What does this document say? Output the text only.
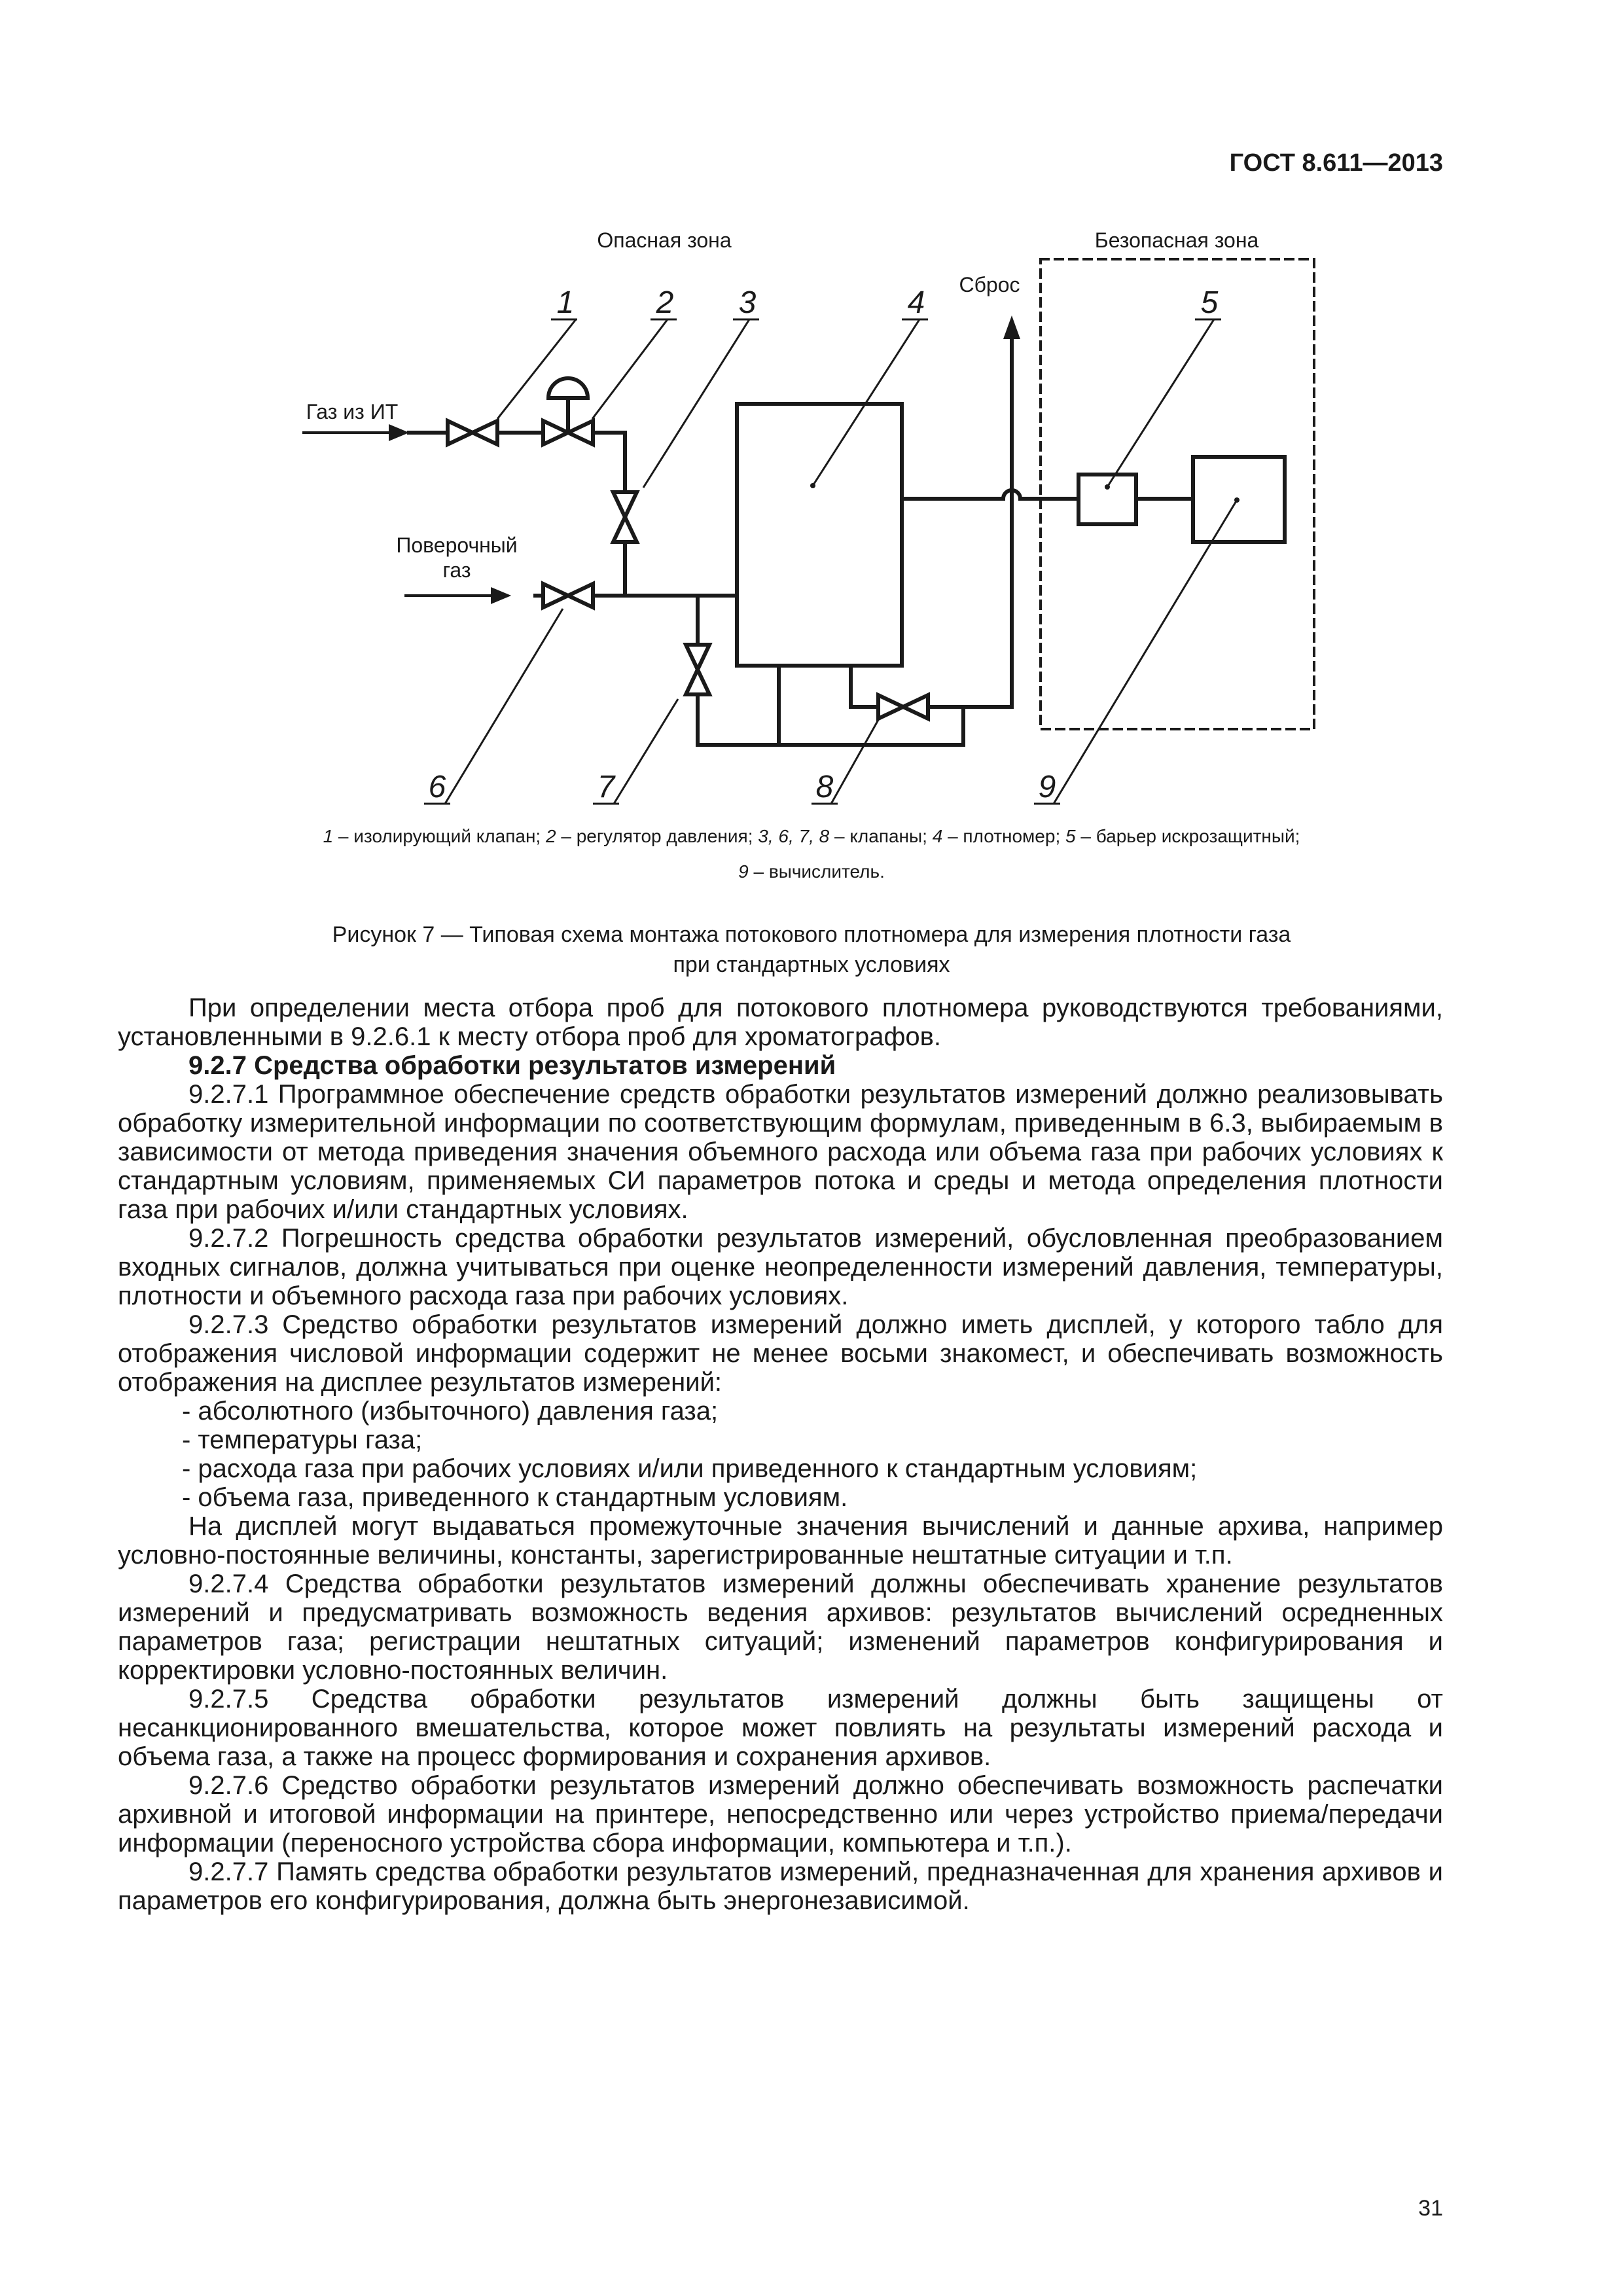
ГОСТ 8.611—2013
Опасная зона	Безопасная зона
Сброс
Газ из ИТ
Поверочный
газ
1	2 3	4	5
6	7	8	9
1 – изолирующий клапан; 2 – регулятор давления; 3, 6, 7, 8 – клапаны; 4 – плотномер; 5 – барьер искрозащитный;
9 – вычислитель.
Рисунок 7 — Типовая схема монтажа потокового плотномера для измерения плотности газа
при стандартных условиях

При определении места отбора проб для потокового плотномера руководствуются требованиями, установленными в 9.2.6.1 к месту отбора проб для хроматографов.

9.2.7 Средства обработки результатов измерений

9.2.7.1 Программное обеспечение средств обработки результатов измерений должно реализовывать обработку измерительной информации по соответствующим формулам, приведенным в 6.3, выбираемым в зависимости от метода приведения значения объемного расхода или объема газа при рабочих условиях к стандартным условиям, применяемых СИ параметров потока и среды и метода определения плотности газа при рабочих и/или стандартных условиях.

9.2.7.2 Погрешность средства обработки результатов измерений, обусловленная преобразованием входных сигналов, должна учитываться при оценке неопределенности измерений давления, температуры, плотности и объемного расхода газа при рабочих условиях.

9.2.7.3 Средство обработки результатов измерений должно иметь дисплей, у которого табло для отображения числовой информации содержит не менее восьми знакомест, и обеспечивать возможность отображения на дисплее результатов измерений:

- абсолютного (избыточного) давления газа;

- температуры газа;

- расхода газа при рабочих условиях и/или приведенного к стандартным условиям;

- объема газа, приведенного к стандартным условиям.

На дисплей могут выдаваться промежуточные значения вычислений и данные архива, например условно-постоянные величины, константы, зарегистрированные нештатные ситуации и т.п.

9.2.7.4 Средства обработки результатов измерений должны обеспечивать хранение результатов измерений и предусматривать возможность ведения архивов: результатов вычислений осредненных параметров газа; регистрации нештатных ситуаций; изменений параметров конфигурирования и корректировки условно-постоянных величин.

9.2.7.5 Средства обработки результатов измерений должны быть защищены от несанкционированного вмешательства, которое может повлиять на результаты измерений расхода и объема газа, а также на процесс формирования и сохранения архивов.

9.2.7.6 Средство обработки результатов измерений должно обеспечивать возможность распечатки архивной и итоговой информации на принтере, непосредственно или через устройство приема/передачи информации (переносного устройства сбора информации, компьютера и т.п.).

9.2.7.7 Память средства обработки результатов измерений, предназначенная для хранения архивов и параметров его конфигурирования, должна быть энергонезависимой.

31
